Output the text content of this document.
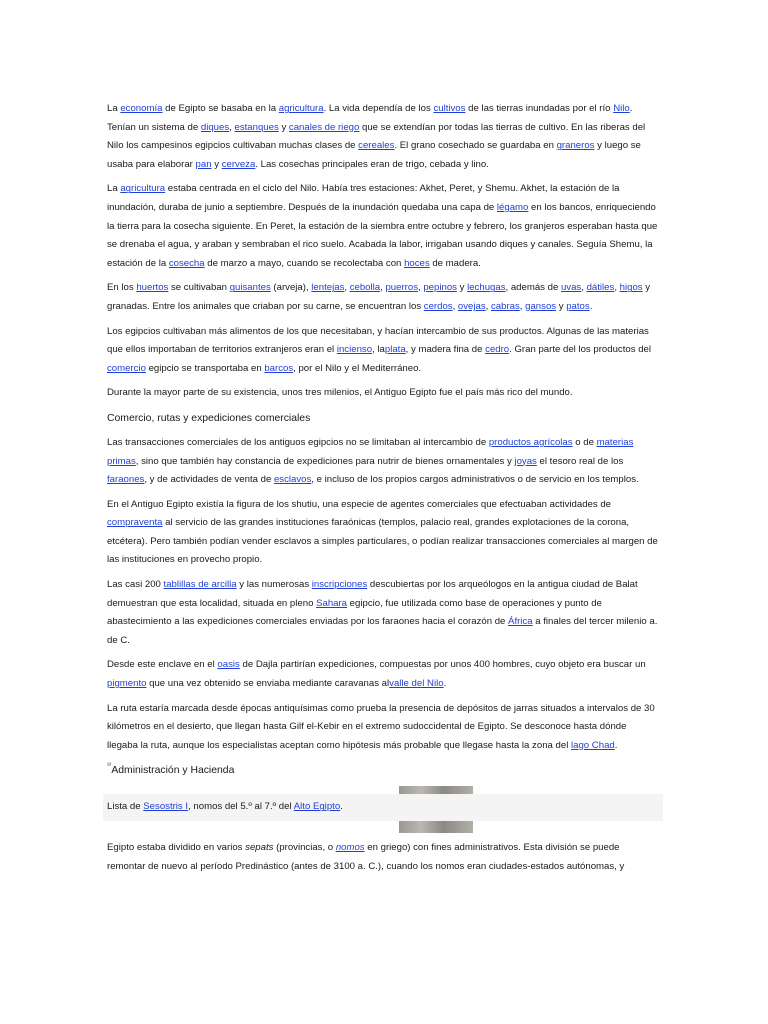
La economía de Egipto se basaba en la agricultura. La vida dependía de los cultivos de las tierras inundadas por el río Nilo. Tenían un sistema de diques, estanques y canales de riego que se extendían por todas las tierras de cultivo. En las riberas del Nilo los campesinos egipcios cultivaban muchas clases de cereales. El grano cosechado se guardaba en graneros y luego se usaba para elaborar pan y cerveza. Las cosechas principales eran de trigo, cebada y lino.

La agricultura estaba centrada en el ciclo del Nilo. Había tres estaciones: Akhet, Peret, y Shemu. Akhet, la estación de la inundación, duraba de junio a septiembre. Después de la inundación quedaba una capa de légamo en los bancos, enriqueciendo la tierra para la cosecha siguiente. En Peret, la estación de la siembra entre octubre y febrero, los granjeros esperaban hasta que se drenaba el agua, y araban y sembraban el rico suelo. Acabada la labor, irrigaban usando diques y canales. Seguía Shemu, la estación de la cosecha de marzo a mayo, cuando se recolectaba con hoces de madera.

En los huertos se cultivaban guisantes (arveja), lentejas, cebolla, puerros, pepinos y lechugas, además de uvas, dátiles, higos y granadas. Entre los animales que criaban por su carne, se encuentran los cerdos, ovejas, cabras, gansos y patos.

Los egipcios cultivaban más alimentos de los que necesitaban, y hacían intercambio de sus productos. Algunas de las materias que ellos importaban de territorios extranjeros eran el incienso, laplata, y madera fina de cedro. Gran parte del los productos del comercio egipcio se transportaba en barcos, por el Nilo y el Mediterráneo.

Durante la mayor parte de su existencia, unos tres milenios, el Antiguo Egipto fue el país más rico del mundo.

Comercio, rutas y expediciones comerciales

Las transacciones comerciales de los antiguos egipcios no se limitaban al intercambio de productos agrícolas o de materias primas, sino que también hay constancia de expediciones para nutrir de bienes ornamentales y joyas el tesoro real de los faraones, y de actividades de venta de esclavos, e incluso de los propios cargos administrativos o de servicio en los templos.

En el Antiguo Egipto existía la figura de los shutiu, una especie de agentes comerciales que efectuaban actividades de compraventa al servicio de las grandes instituciones faraónicas (templos, palacio real, grandes explotaciones de la corona, etcétera). Pero también podían vender esclavos a simples particulares, o podían realizar transacciones comerciales al margen de las instituciones en provecho propio.

Las casi 200 tablillas de arcilla y las numerosas inscripciones descubiertas por los arqueólogos en la antigua ciudad de Balat demuestran que esta localidad, situada en pleno Sahara egipcio, fue utilizada como base de operaciones y punto de abastecimiento a las expediciones comerciales enviadas por los faraones hacia el corazón de África a finales del tercer milenio a. de C.

Desde este enclave en el oasis de Dajla partirían expediciones, compuestas por unos 400 hombres, cuyo objeto era buscar un pigmento que una vez obtenido se enviaba mediante caravanas alvalle del Nilo.

La ruta estaría marcada desde épocas antiquísimas como prueba la presencia de depósitos de jarras situados a intervalos de 30 kilómetros en el desierto, que llegan hasta Gilf el-Kebir en el extremo sudoccidental de Egipto. Se desconoce hasta dónde llegaba la ruta, aunque los especialistas aceptan como hipótesis más probable que llegase hasta la zona del lago Chad.

$^{^{12}}$Administración y Hacienda
Lista de Sesostris I, nomos del 5.º al 7.º del Alto Egipto.

Egipto estaba dividido en varios sepats (provincias, o nomos en griego) con fines administrativos. Esta división se puede remontar de nuevo al período Predinástico (antes de 3100 a. C.), cuando los nomos eran ciudades-estados autónomas, y
